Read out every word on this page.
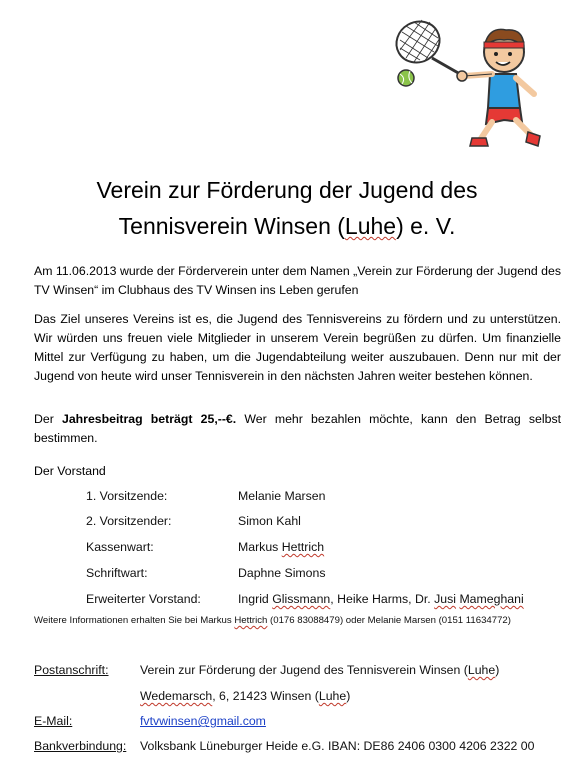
Verein zur Förderung der Jugend des
Tennisverein Winsen (Luhe) e. V.
Am 11.06.2013 wurde der Förderverein unter dem Namen „Verein zur Förderung der Jugend des TV Winsen“ im Clubhaus des TV Winsen ins Leben gerufen
Das Ziel unseres Vereins ist es, die Jugend des Tennisvereins zu fördern und zu unterstützen. Wir würden uns freuen viele Mitglieder in unserem Verein begrüßen zu dürfen. Um finanzielle Mittel zur Verfügung zu haben, um die Jugendabteilung weiter auszubauen. Denn nur mit der Jugend von heute wird unser Tennisverein in den nächsten Jahren weiter bestehen können.
Der Jahresbeitrag beträgt 25,--€. Wer mehr bezahlen möchte, kann den Betrag selbst bestimmen.
Der Vorstand
1. Vorsitzende:	Melanie Marsen
2. Vorsitzender:	Simon Kahl
Kassenwart:	Markus Hettrich
Schriftwart:	Daphne Simons
Erweiterter Vorstand:	Ingrid Glissmann, Heike Harms, Dr. Jusi Mameghani
Weitere Informationen erhalten Sie bei Markus Hettrich (0176 83088479) oder Melanie Marsen (0151 11634772)
Postanschrift:	Verein zur Förderung der Jugend des Tennisverein Winsen (Luhe)
Wedemarsch, 6, 21423 Winsen (Luhe)
E-Mail:	fvtvwinsen@gmail.com
Bankverbindung: Volksbank Lüneburger Heide e.G. IBAN: DE86 2406 0300 4206 2322 00
